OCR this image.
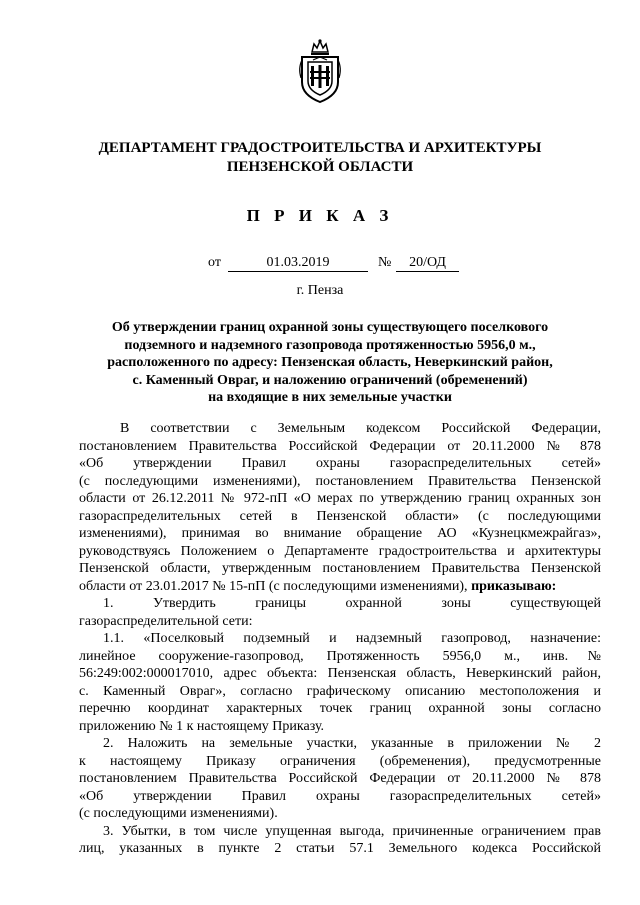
ДЕПАРТАМЕНТ ГРАДОСТРОИТЕЛЬСТВА И АРХИТЕКТУРЫ
ПЕНЗЕНСКОЙ ОБЛАСТИ
П Р И К А З
от	01.03.2019	№	20/ОД
г. Пенза
Об утверждении границ охранной зоны существующего поселкового
подземного и надземного газопровода протяженностью 5956,0 м.,
расположенного по адресу: Пензенская область, Неверкинский район,
с. Каменный Овраг, и наложению ограничений (обременений)
на входящие в них земельные участки

В соответствии с Земельным кодексом Российской Федерации,

постановлением Правительства Российской Федерации от 20.11.2000 № 878

«Об утверждении Правил охраны газораспределительных сетей»

(с последующими изменениями), постановлением Правительства Пензенской

области от 26.12.2011 № 972-пП «О мерах по утверждению границ охранных зон

газораспределительных сетей в Пензенской области» (с последующими

изменениями), принимая во внимание обращение АО «Кузнецкмежрайгаз»,

руководствуясь Положением о Департаменте градостроительства и архитектуры

Пензенской области, утвержденным постановлением Правительства Пензенской

области от 23.01.2017 № 15-пП (с последующими изменениями), приказываю:

1. Утвердить границы охранной зоны существующей

газораспределительной сети:

1.1. «Поселковый подземный и надземный газопровод, назначение:

линейное сооружение-газопровод, Протяженность 5956,0 м., инв.№

56:249:002:000017010, адрес объекта: Пензенская область, Неверкинский район,

с. Каменный Овраг», согласно графическому описанию местоположения и

перечню координат характерных точек границ охранной зоны согласно

приложению № 1 к настоящему Приказу.

2. Наложить на земельные участки, указанные в приложении № 2

к настоящему Приказу ограничения (обременения), предусмотренные

постановлением Правительства Российской Федерации от 20.11.2000 № 878

«Об утверждении Правил охраны газораспределительных сетей»

(с последующими изменениями).

3. Убытки, в том числе упущенная выгода, причиненные ограничением прав

лиц, указанных в пункте 2 статьи 57.1 Земельного кодекса Российской
